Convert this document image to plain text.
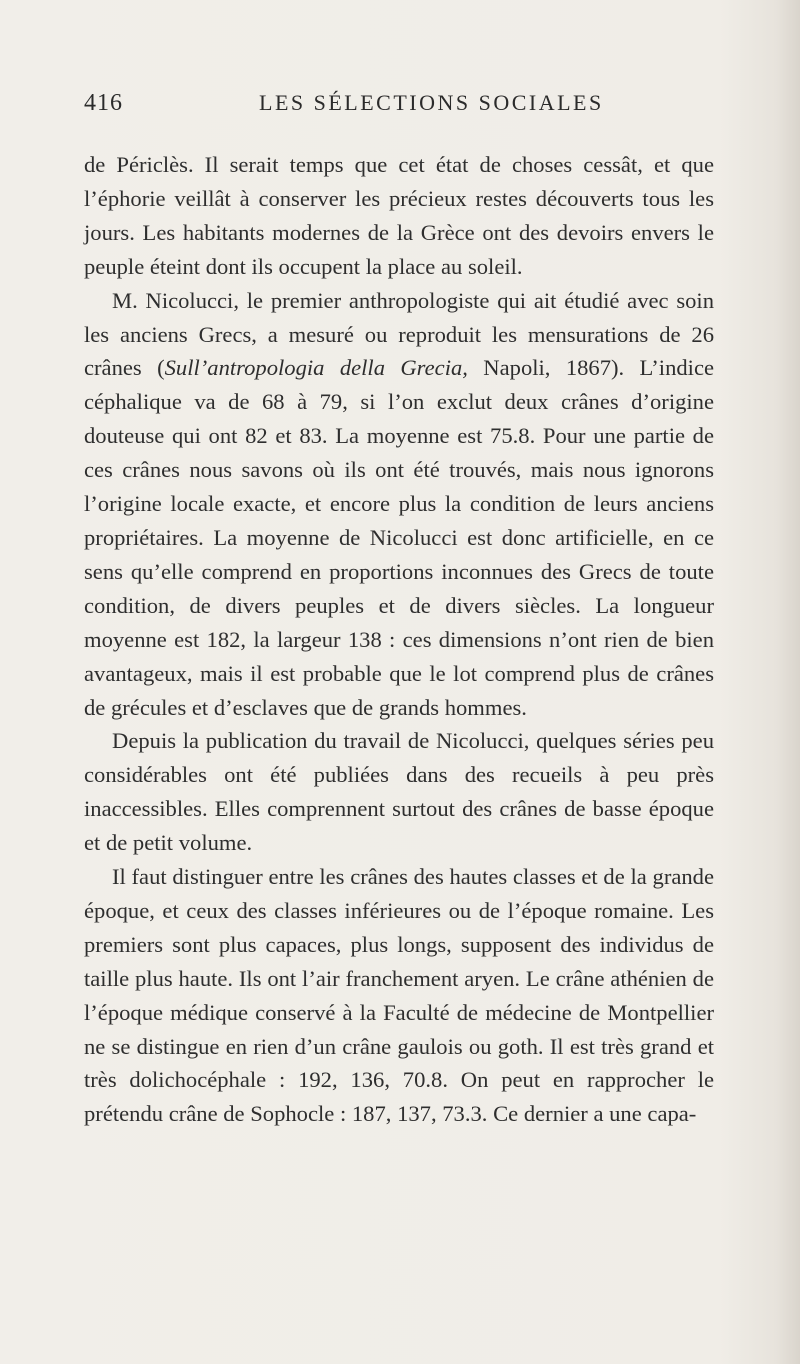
416	LES SÉLECTIONS SOCIALES

de Périclès. Il serait temps que cet état de choses cessât, et que l’éphorie veillât à conserver les précieux restes découverts tous les jours. Les habitants modernes de la Grèce ont des devoirs envers le peuple éteint dont ils occupent la place au soleil.

M. Nicolucci, le premier anthropologiste qui ait étudié avec soin les anciens Grecs, a mesuré ou reproduit les mensurations de 26 crânes (Sull’antropologia della Grecia, Napoli, 1867). L’indice céphalique va de 68 à 79, si l’on exclut deux crânes d’origine douteuse qui ont 82 et 83. La moyenne est 75.8. Pour une partie de ces crânes nous savons où ils ont été trouvés, mais nous ignorons l’origine locale exacte, et encore plus la condition de leurs anciens propriétaires. La moyenne de Nicolucci est donc artificielle, en ce sens qu’elle comprend en proportions inconnues des Grecs de toute condition, de divers peuples et de divers siècles. La longueur moyenne est 182, la largeur 138 : ces dimensions n’ont rien de bien avantageux, mais il est probable que le lot comprend plus de crânes de grécules et d’esclaves que de grands hommes.

Depuis la publication du travail de Nicolucci, quelques séries peu considérables ont été publiées dans des recueils à peu près inaccessibles. Elles comprennent surtout des crânes de basse époque et de petit volume.

Il faut distinguer entre les crânes des hautes classes et de la grande époque, et ceux des classes inférieures ou de l’époque romaine. Les premiers sont plus capaces, plus longs, supposent des individus de taille plus haute. Ils ont l’air franchement aryen. Le crâne athénien de l’époque médique conservé à la Faculté de médecine de Montpellier ne se distingue en rien d’un crâne gaulois ou goth. Il est très grand et très dolichocéphale : 192, 136, 70.8. On peut en rapprocher le prétendu crâne de Sophocle : 187, 137, 73.3. Ce dernier a une capa-
